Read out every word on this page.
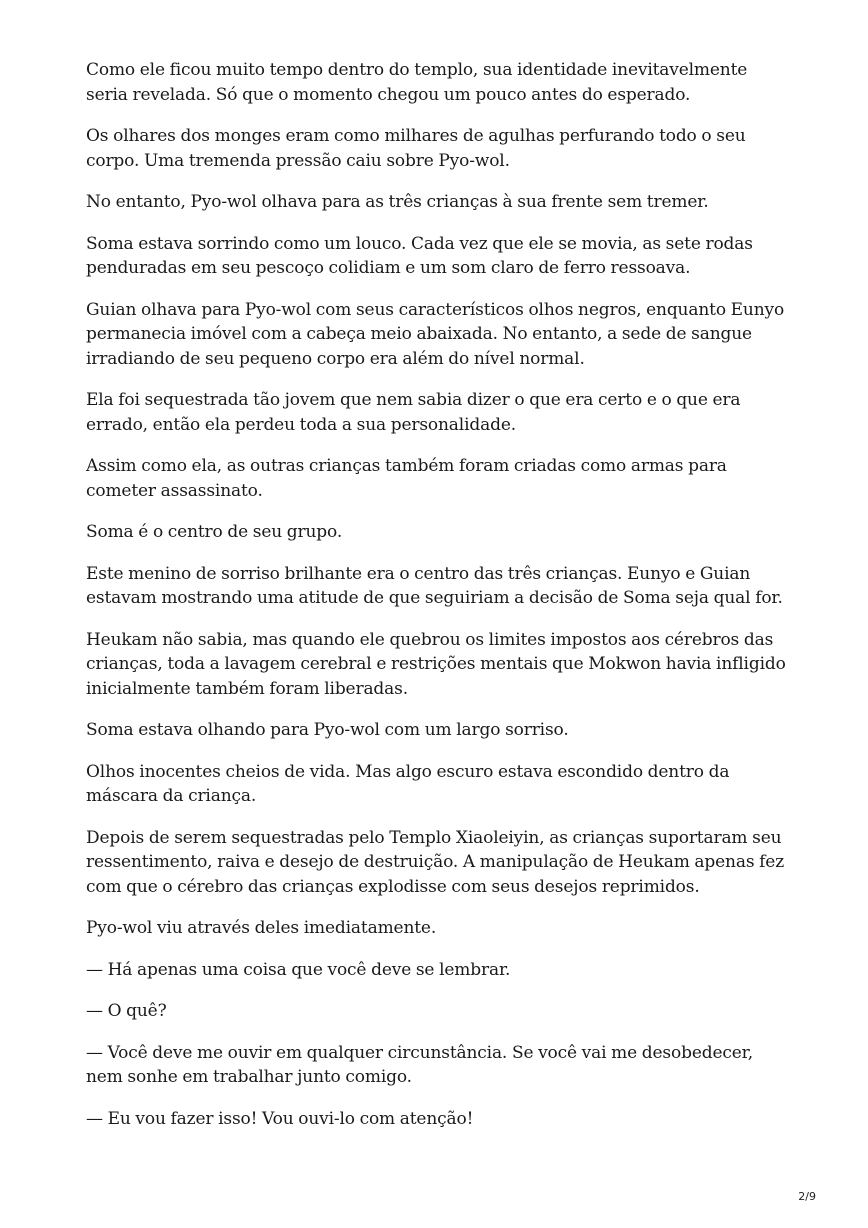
Como ele ficou muito tempo dentro do templo, sua identidade inevitavelmente seria revelada. Só que o momento chegou um pouco antes do esperado.

Os olhares dos monges eram como milhares de agulhas perfurando todo o seu corpo. Uma tremenda pressão caiu sobre Pyo-wol.

No entanto, Pyo-wol olhava para as três crianças à sua frente sem tremer.

Soma estava sorrindo como um louco. Cada vez que ele se movia, as sete rodas penduradas em seu pescoço colidiam e um som claro de ferro ressoava.

Guian olhava para Pyo-wol com seus característicos olhos negros, enquanto Eunyo permanecia imóvel com a cabeça meio abaixada. No entanto, a sede de sangue irradiando de seu pequeno corpo era além do nível normal.

Ela foi sequestrada tão jovem que nem sabia dizer o que era certo e o que era errado, então ela perdeu toda a sua personalidade.

Assim como ela, as outras crianças também foram criadas como armas para cometer assassinato.

Soma é o centro de seu grupo.

Este menino de sorriso brilhante era o centro das três crianças. Eunyo e Guian estavam mostrando uma atitude de que seguiriam a decisão de Soma seja qual for.

Heukam não sabia, mas quando ele quebrou os limites impostos aos cérebros das crianças, toda a lavagem cerebral e restrições mentais que Mokwon havia infligido inicialmente também foram liberadas.

Soma estava olhando para Pyo-wol com um largo sorriso.

Olhos inocentes cheios de vida. Mas algo escuro estava escondido dentro da máscara da criança.

Depois de serem sequestradas pelo Templo Xiaoleiyin, as crianças suportaram seu ressentimento, raiva e desejo de destruição. A manipulação de Heukam apenas fez com que o cérebro das crianças explodisse com seus desejos reprimidos.

Pyo-wol viu através deles imediatamente.

— Há apenas uma coisa que você deve se lembrar.

— O quê?

— Você deve me ouvir em qualquer circunstância. Se você vai me desobedecer, nem sonhe em trabalhar junto comigo.

— Eu vou fazer isso! Vou ouvi-lo com atenção!

2/9
